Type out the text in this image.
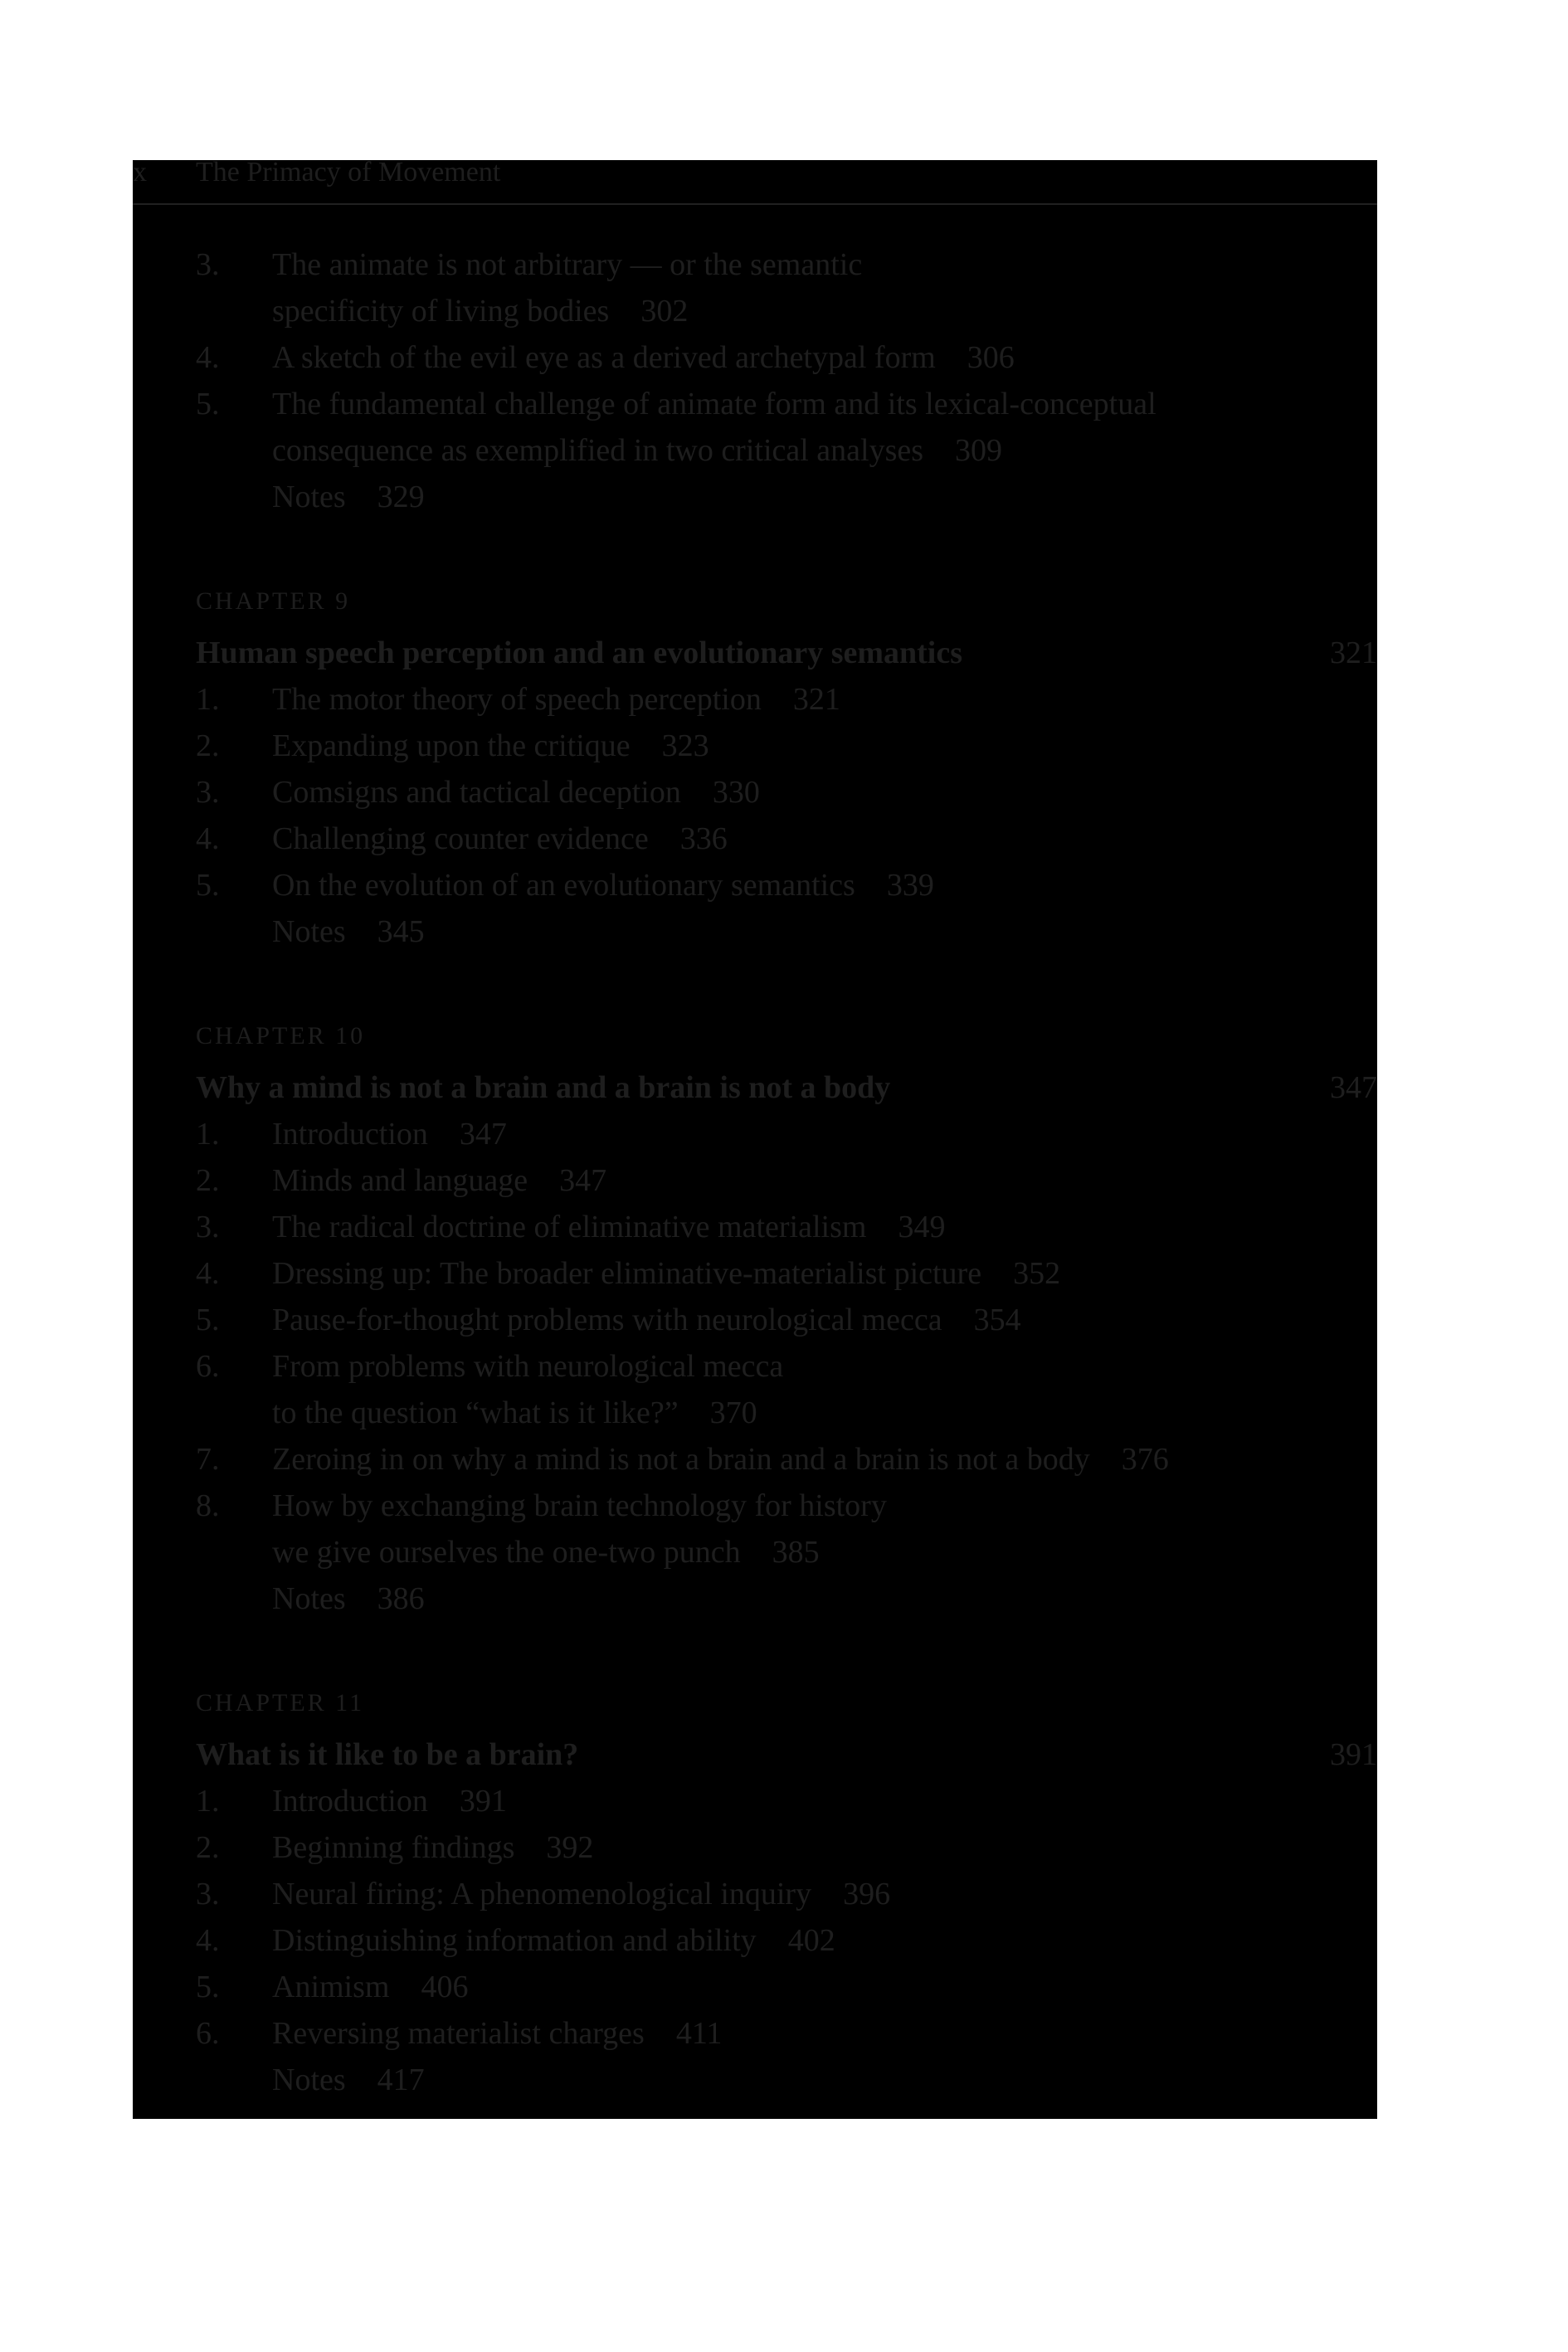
x The Primacy of Movement
3. The animate is not arbitrary — or the semantic
specificity of living bodies 302
4. A sketch of the evil eye as a derived archetypal form 306
5. The fundamental challenge of animate form and its lexical-conceptual
consequence as exemplified in two critical analyses 309
Notes 329
CHAPTER 9
Human speech perception and an evolutionary semantics	321
1. The motor theory of speech perception 321
2. Expanding upon the critique 323
3. Comsigns and tactical deception 330
4. Challenging counter evidence 336
5. On the evolution of an evolutionary semantics 339
Notes 345
CHAPTER 10
Why a mind is not a brain and a brain is not a body	347
1. Introduction 347
2. Minds and language 347
3. The radical doctrine of eliminative materialism 349
4. Dressing up: The broader eliminative-materialist picture 352
5. Pause-for-thought problems with neurological mecca 354
6. From problems with neurological mecca
to the question “what is it like?” 370
7. Zeroing in on why a mind is not a brain and a brain is not a body 376
8. How by exchanging brain technology for history
we give ourselves the one-two punch 385
Notes 386
CHAPTER 11
What is it like to be a brain?	391
1. Introduction 391
2. Beginning findings 392
3. Neural firing: A phenomenological inquiry 396
4. Distinguishing information and ability 402
5. Animism 406
6. Reversing materialist charges 411
Notes 417
